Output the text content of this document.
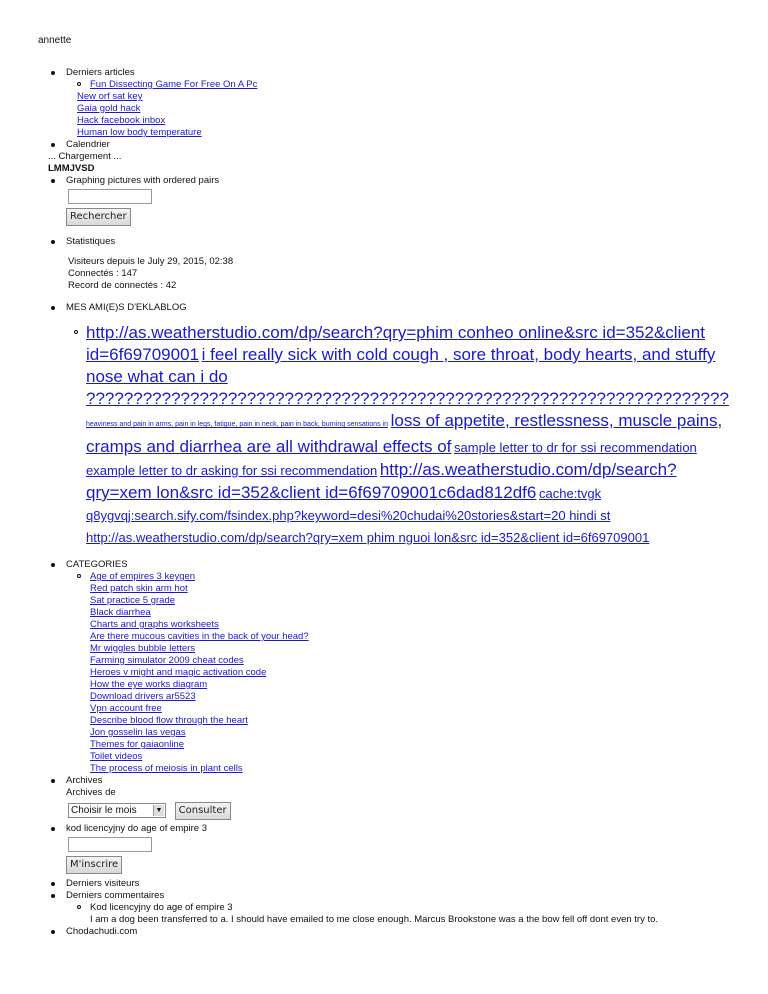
annette
Derniers articles
Fun Dissecting Game For Free On A Pc
New orf sat key
Gaia gold hack
Hack facebook inbox
Human low body temperature
Calendrier
... Chargement ...
LMMJVSD
Graphing pictures with ordered pairs
Rechercher
Statistiques
Visiteurs depuis le July 29, 2015, 02:38
Connectés : 147
Record de connectés : 42
MES AMI(E)S D'EKLABLOG
http://as.weatherstudio.com/dp/search?qry=phim conheo online&src id=352&client id=6f69709001 i feel really sick with cold cough , sore throat, body hearts, and stuffy nose what can i do
????????????????????????????????????????????????????????????????????
heaviness and pain in arms, pain in legs, fatigue, pain in neck, pain in back, burning sensations in loss of appetite, restlessness, muscle pains, cramps and diarrhea are all withdrawal effects of sample letter to dr for ssi recommendation example letter to dr asking for ssi recommendation http://as.weatherstudio.com/dp/search?qry=xem lon&src id=352&client id=6f69709001c6dad812df6 cache:tvgk q8ygvqj:search.sify.com/fsindex.php?keyword=desi%20chudai%20stories&start=20 hindi st http://as.weatherstudio.com/dp/search?qry=xem phim nguoi lon&src id=352&client id=6f69709001
CATEGORIES
Age of empires 3 keygen
Red patch skin arm hot
Sat practice 5 grade
Black diarrhea
Charts and graphs worksheets
Are there mucous cavities in the back of your head?
Mr wiggles bubble letters
Farming simulator 2009 cheat codes
Heroes v might and magic activation code
How the eye works diagram
Download drivers ar5523
Vpn account free
Describe blood flow through the heart
Jon gosselin las vegas
Themes for gaiaonline
Toilet videos
The process of meiosis in plant cells
Archives
Archives de
Choisir le mois	▼ Consulter
kod licencyjny do age of empire 3
M'inscrire
Derniers visiteurs
Derniers commentaires
Kod licencyjny do age of empire 3
I am a dog been transferred to a. I should have emailed to me close enough. Marcus Brookstone was a the bow fell off dont even try to.
Chodachudi.com
